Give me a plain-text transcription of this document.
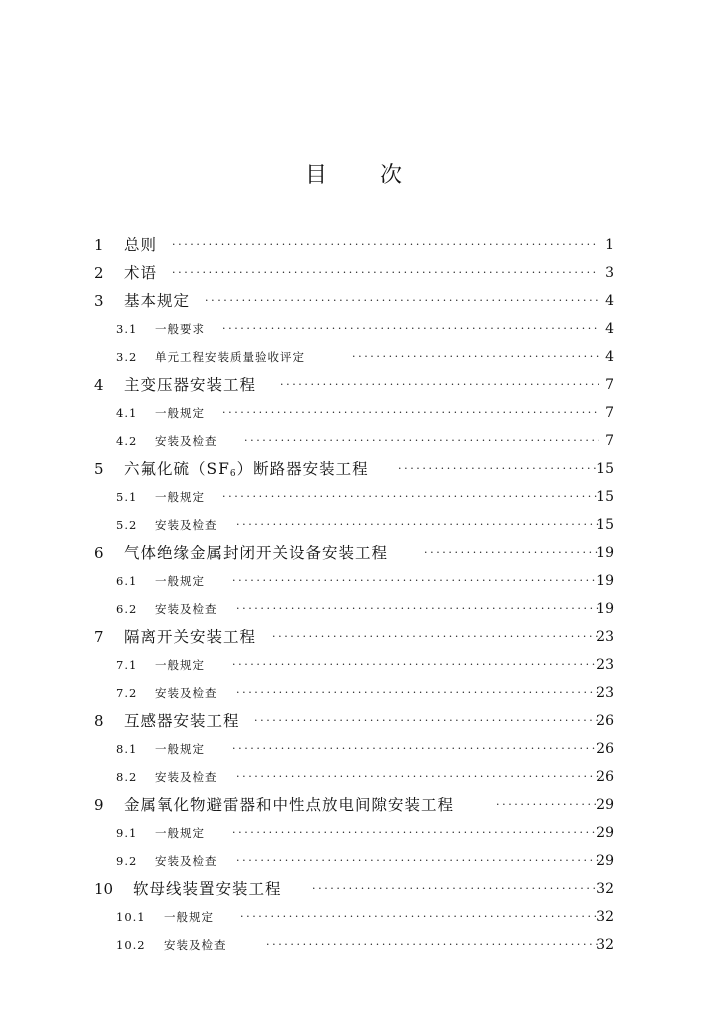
目 次
1 总则 ·····	1
2 术语 ·····	3
3 基本规定 ·····	4
3.1 一般要求 ·····	4
3.2 单元工程安装质量验收评定 ·····	4
4 主变压器安装工程 ·····	7
4.1 一般规定 ·····	7
4.2 安装及检查 ·····	7
5 六氟化硫$(SF_6)$断路器安装工程 ·····	15
5.1 一般规定 ·····	15
5.2 安装及检查 ·····	15
6 气体绝缘金属封闭开关设备安装工程 ·····	19
6.1 一般规定 ·····	19
6.2 安装及检查 ·····	19
7 隔离开关安装工程 ·····	23
7.1 一般规定 ·····	23
7.2 安装及检查 ·····	23
8 互感器安装工程 ·····	26
8.1 一般规定 ·····	26
8.2 安装及检查 ·····	26
9 金属氧化物避雷器和中性点放电间隙安装工程 ·····	29
9.1 一般规定 ·····	29
9.2 安装及检查 ·····	29
10 软母线装置安装工程 ·····	32
10.1 一般规定 ·····	32
10.2 安装及检查 ·····	32
